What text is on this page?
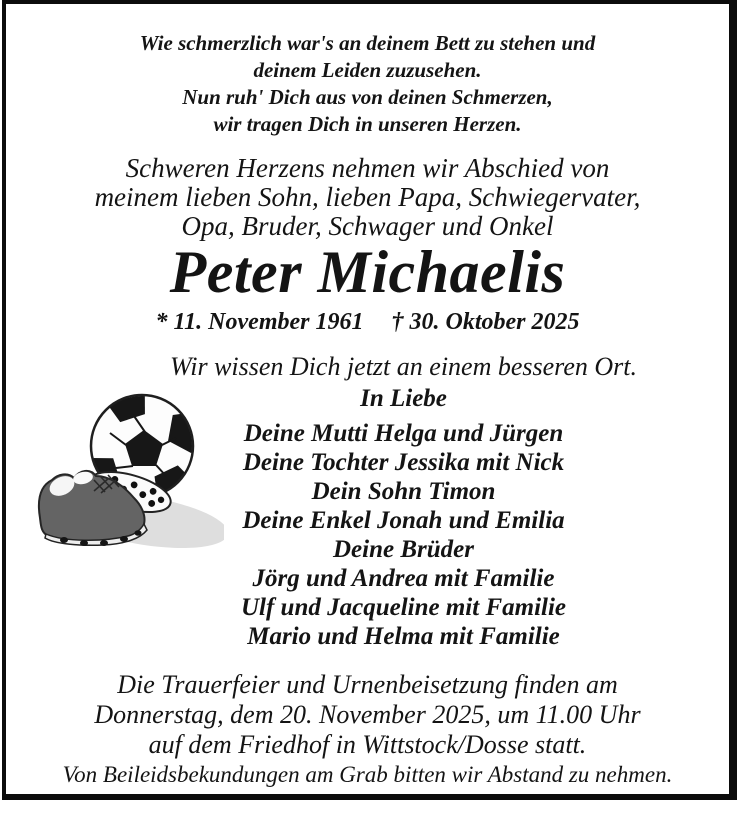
Wie schmerzlich war's an deinem Bett zu stehen und
deinem Leiden zuzusehen.
Nun ruh' Dich aus von deinen Schmerzen,
wir tragen Dich in unseren Herzen.
Schweren Herzens nehmen wir Abschied von
meinem lieben Sohn, lieben Papa, Schwiegervater,
Opa, Bruder, Schwager und Onkel
Peter Michaelis
* 11. November 1961 † 30. Oktober 2025
Wir wissen Dich jetzt an einem besseren Ort.
In Liebe
Deine Mutti Helga und Jürgen
Deine Tochter Jessika mit Nick
Dein Sohn Timon
Deine Enkel Jonah und Emilia
Deine Brüder
Jörg und Andrea mit Familie
Ulf und Jacqueline mit Familie
Mario und Helma mit Familie
Die Trauerfeier und Urnenbeisetzung finden am
Donnerstag, dem 20. November 2025, um 11.00 Uhr
auf dem Friedhof in Wittstock/Dosse statt.
Von Beileidsbekundungen am Grab bitten wir Abstand zu nehmen.
